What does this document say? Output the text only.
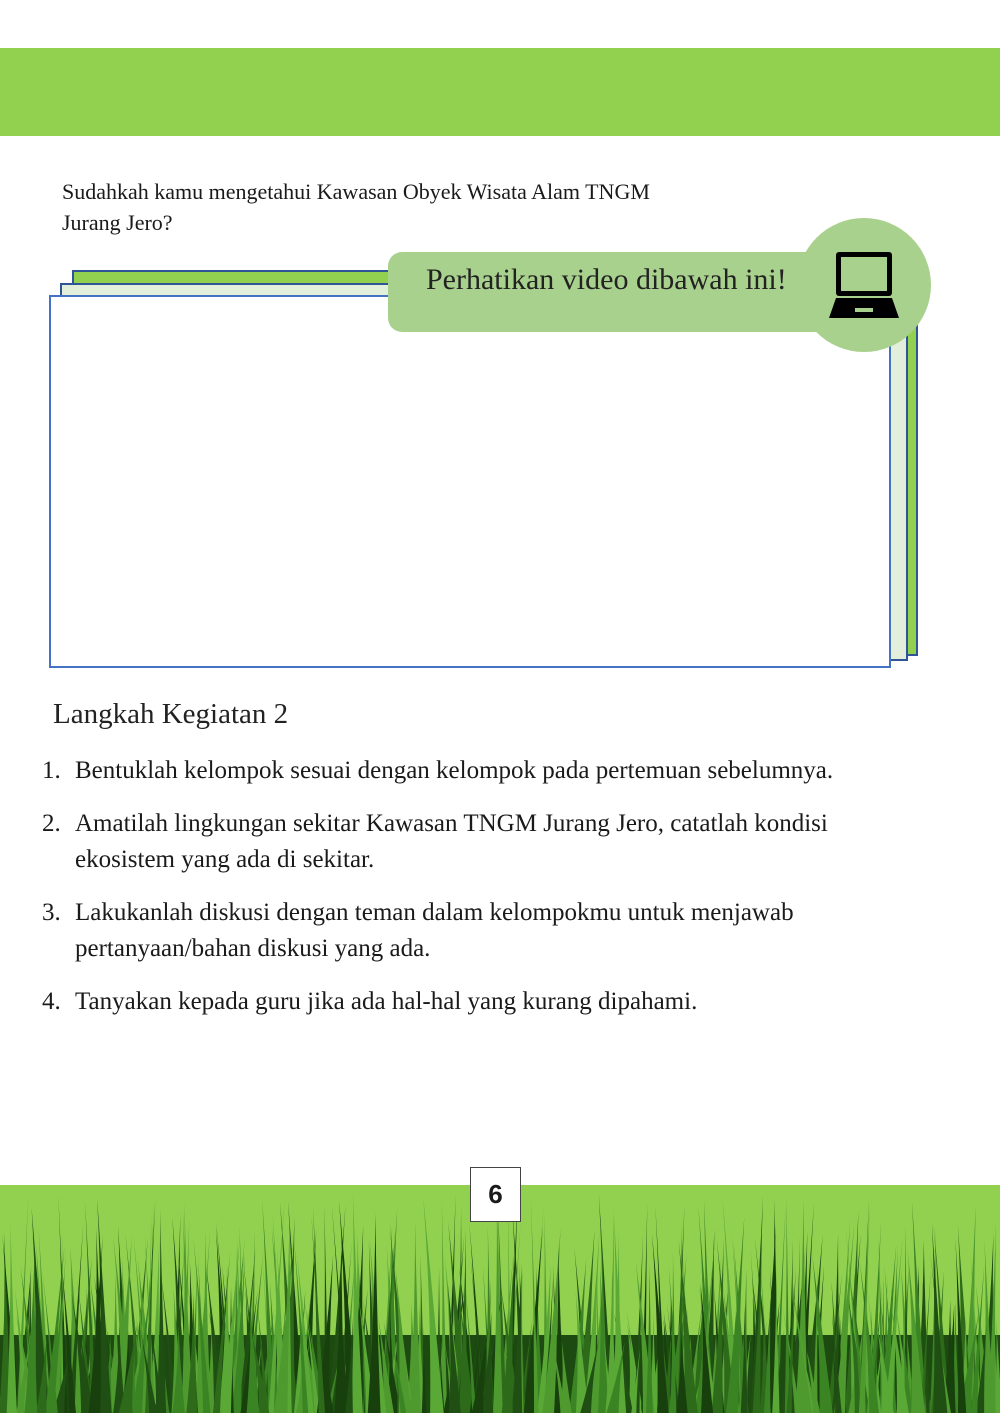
Sudahkah kamu mengetahui Kawasan Obyek Wisata Alam TNGM
Jurang Jero?
Perhatikan video dibawah ini!
Langkah Kegiatan 2
1. Bentuklah kelompok sesuai dengan kelompok pada pertemuan sebelumnya.
2. Amatilah lingkungan sekitar Kawasan TNGM Jurang Jero, catatlah kondisi
ekosistem yang ada di sekitar.
3. Lakukanlah diskusi dengan teman dalam kelompokmu untuk menjawab
pertanyaan/bahan diskusi yang ada.
4. Tanyakan kepada guru jika ada hal-hal yang kurang dipahami.
6
